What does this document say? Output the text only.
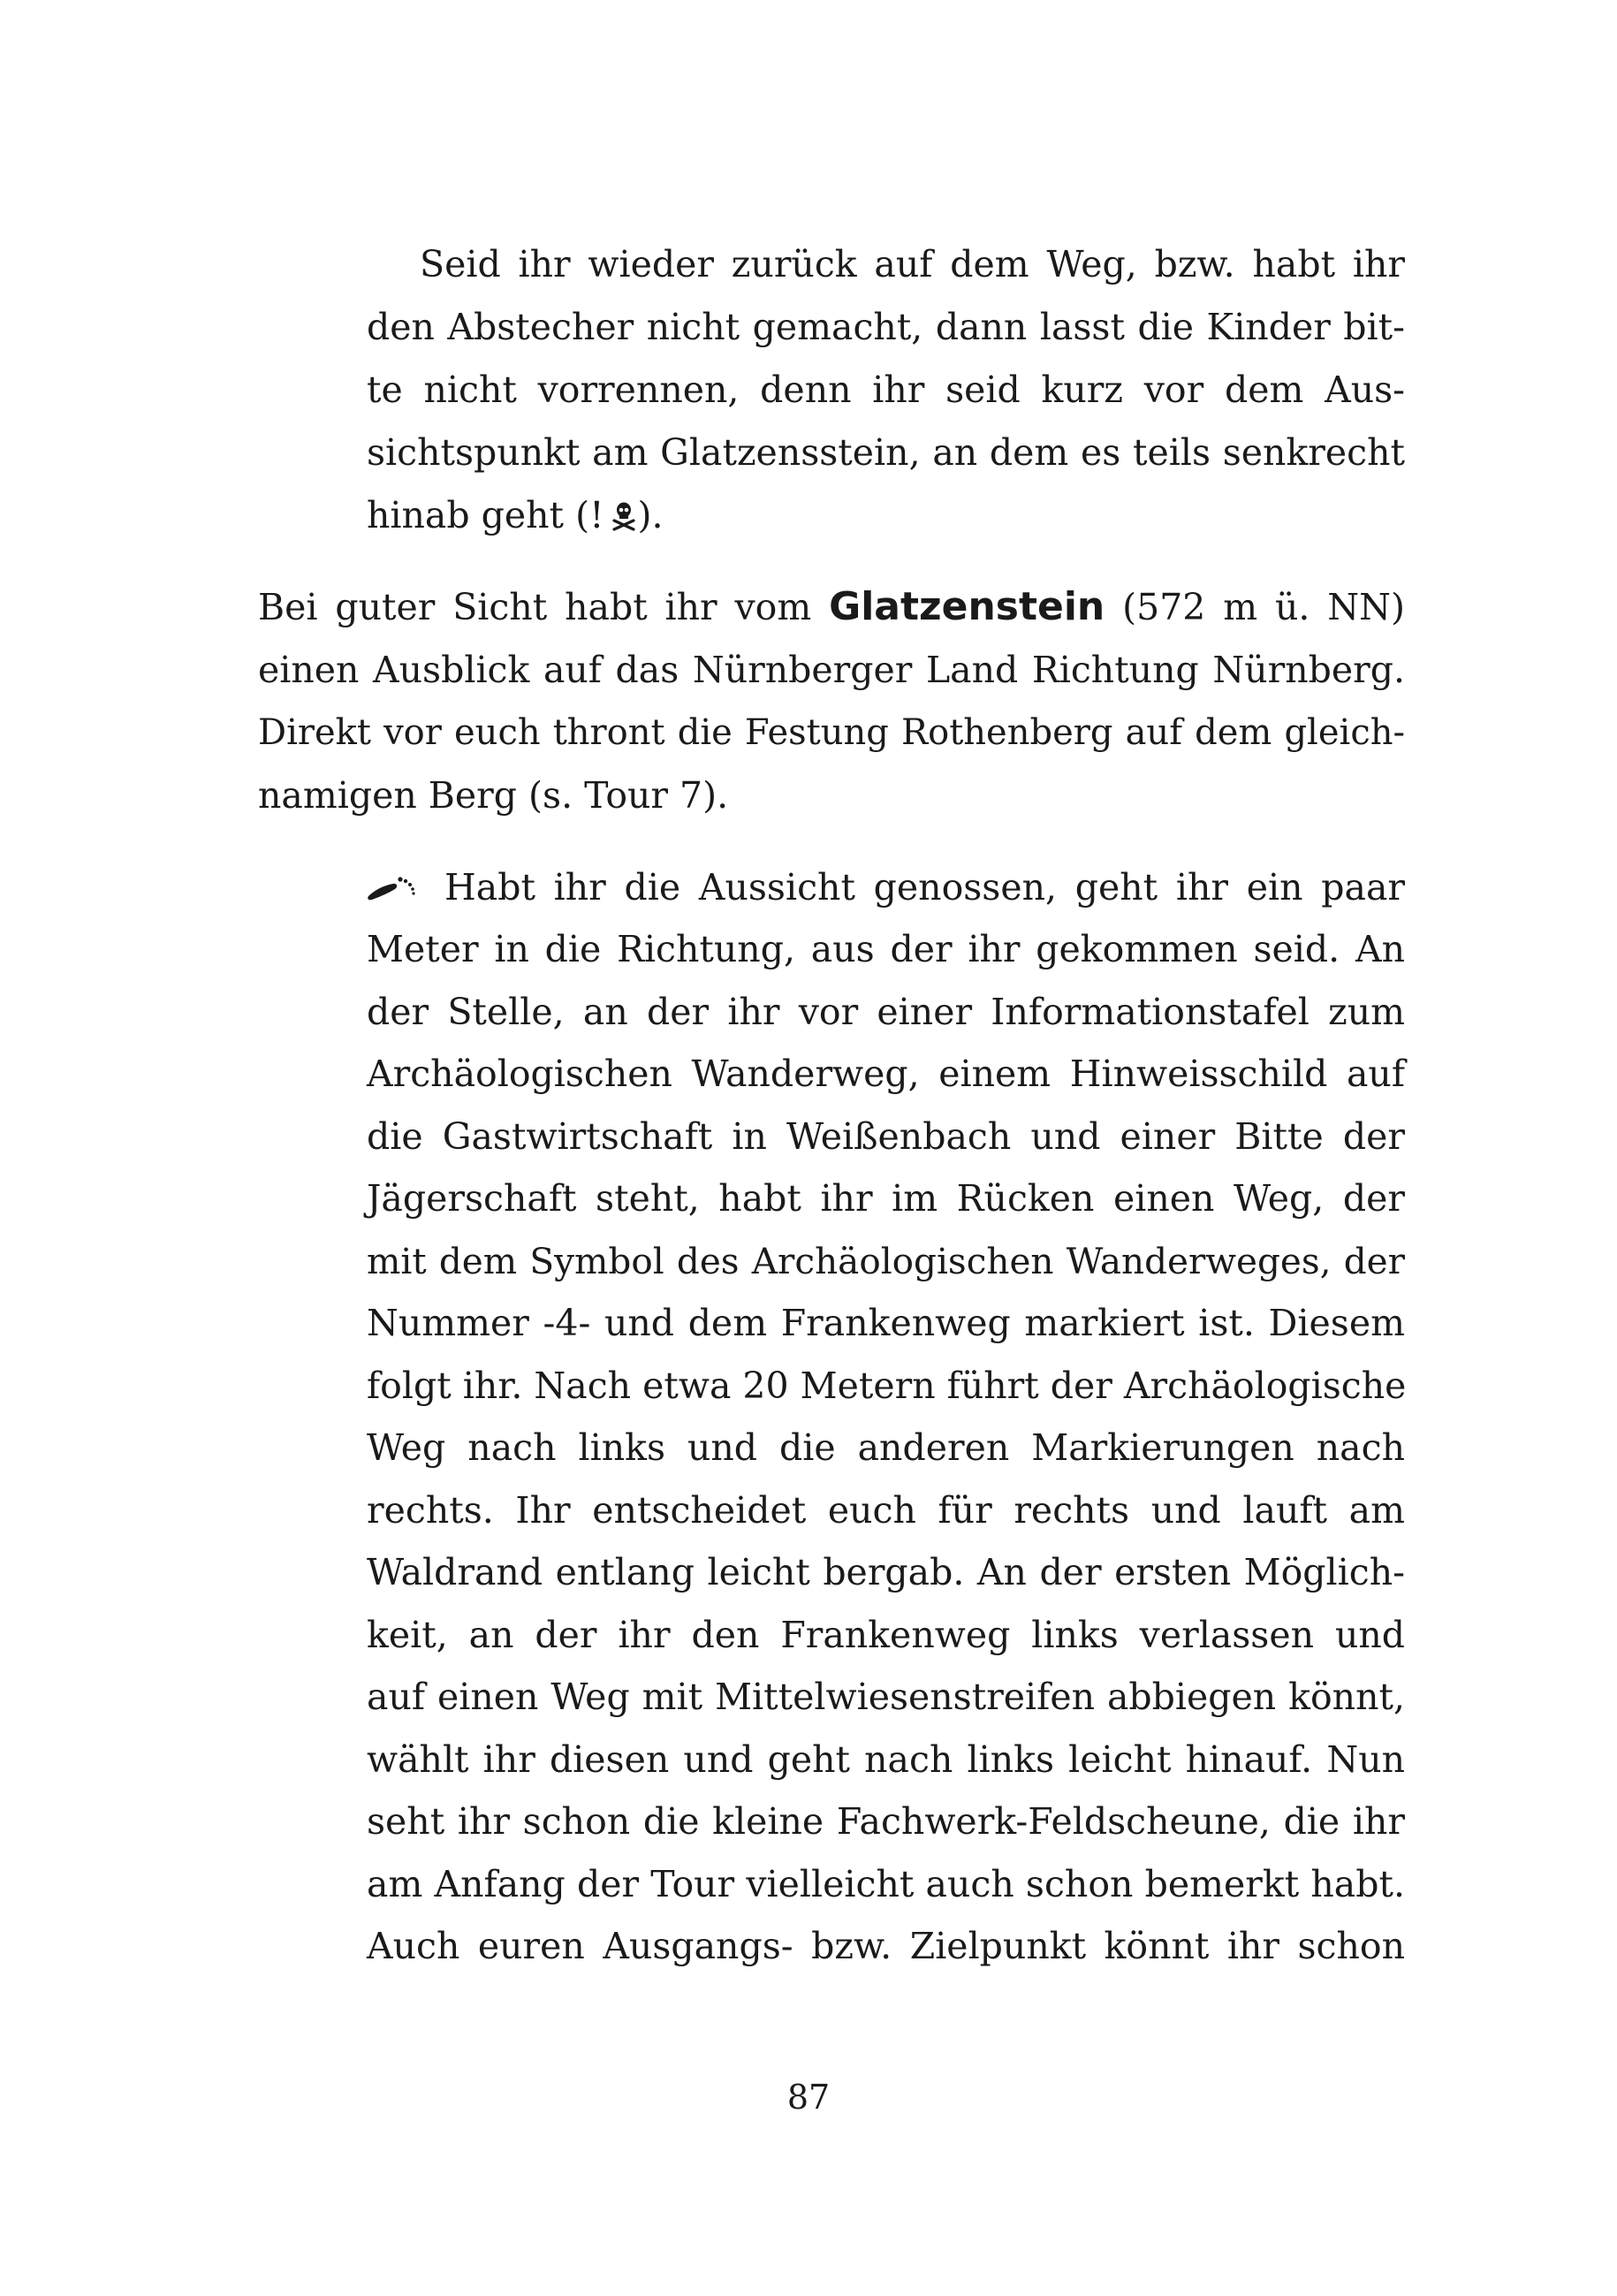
Seid ihr wieder zurück auf dem Weg, bzw. habt ihr
den Abstecher nicht gemacht, dann lasst die Kinder bit-
te nicht vorrennen, denn ihr seid kurz vor dem Aus-
sichtspunkt am Glatzensstein, an dem es teils senkrecht
hinab geht (! ).
Bei guter Sicht habt ihr vom Glatzenstein (572 m ü. NN)
einen Ausblick auf das Nürnberger Land Richtung Nürnberg.
Direkt vor euch thront die Festung Rothenberg auf dem gleich-
namigen Berg (s. Tour 7).
Habt ihr die Aussicht genossen, geht ihr ein paar
Meter in die Richtung, aus der ihr gekommen seid. An
der Stelle, an der ihr vor einer Informationstafel zum
Archäologischen Wanderweg, einem Hinweisschild auf
die Gastwirtschaft in Weißenbach und einer Bitte der
Jägerschaft steht, habt ihr im Rücken einen Weg, der
mit dem Symbol des Archäologischen Wanderweges, der
Nummer -4- und dem Frankenweg markiert ist. Diesem
folgt ihr. Nach etwa 20 Metern führt der Archäologische
Weg nach links und die anderen Markierungen nach
rechts. Ihr entscheidet euch für rechts und lauft am
Waldrand entlang leicht bergab. An der ersten Möglich-
keit, an der ihr den Frankenweg links verlassen und
auf einen Weg mit Mittelwiesenstreifen abbiegen könnt,
wählt ihr diesen und geht nach links leicht hinauf. Nun
seht ihr schon die kleine Fachwerk-Feldscheune, die ihr
am Anfang der Tour vielleicht auch schon bemerkt habt.
Auch euren Ausgangs- bzw. Zielpunkt könnt ihr schon
87
